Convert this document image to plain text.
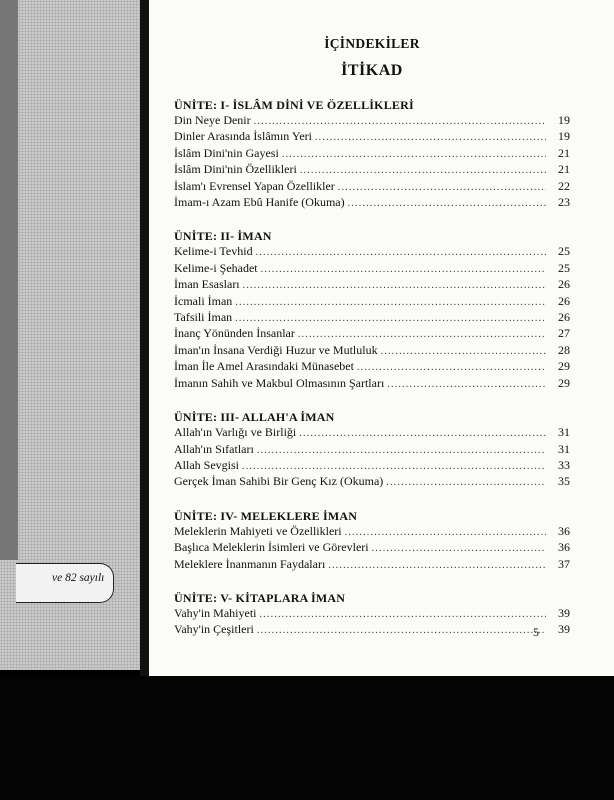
ve 82 sayılı
İÇİNDEKİLER
İTİKAD
ÜNİTE: I- İSLÂM DİNİ VE ÖZELLİKLERİ
Din Neye Denir .....	19
Dinler Arasında İslâmın Yeri .....	19
İslâm Dini'nin Gayesi .....	21
İslâm Dini'nin Özellikleri .....	21
İslam'ı Evrensel Yapan Özellikler .....	22
İmam-ı Azam Ebû Hanife (Okuma) .....	23
ÜNİTE: II- İMAN
Kelime-i Tevhid .....	25
Kelime-i Şehadet .....	25
İman Esasları .....	26
İcmali İman .....	26
Tafsili İman .....	26
İnanç Yönünden İnsanlar .....	27
İman'ın İnsana Verdiği Huzur ve Mutluluk .....	28
İman İle Amel Arasındaki Münasebet .....	29
İmanın Sahih ve Makbul Olmasının Şartları .....	29
ÜNİTE: III- ALLAH'A İMAN
Allah'ın Varlığı ve Birliği .....	31
Allah'ın Sıfatları .....	31
Allah Sevgisi .....	33
Gerçek İman Sahibi Bir Genç Kız (Okuma) .....	35
ÜNİTE: IV- MELEKLERE İMAN
Meleklerin Mahiyeti ve Özellikleri .....	36
Başlıca Meleklerin İsimleri ve Görevleri .....	36
Meleklere İnanmanın Faydaları .....	37
ÜNİTE: V- KİTAPLARA İMAN
Vahy'in Mahiyeti .....	39
Vahy'in Çeşitleri .....	39
5
